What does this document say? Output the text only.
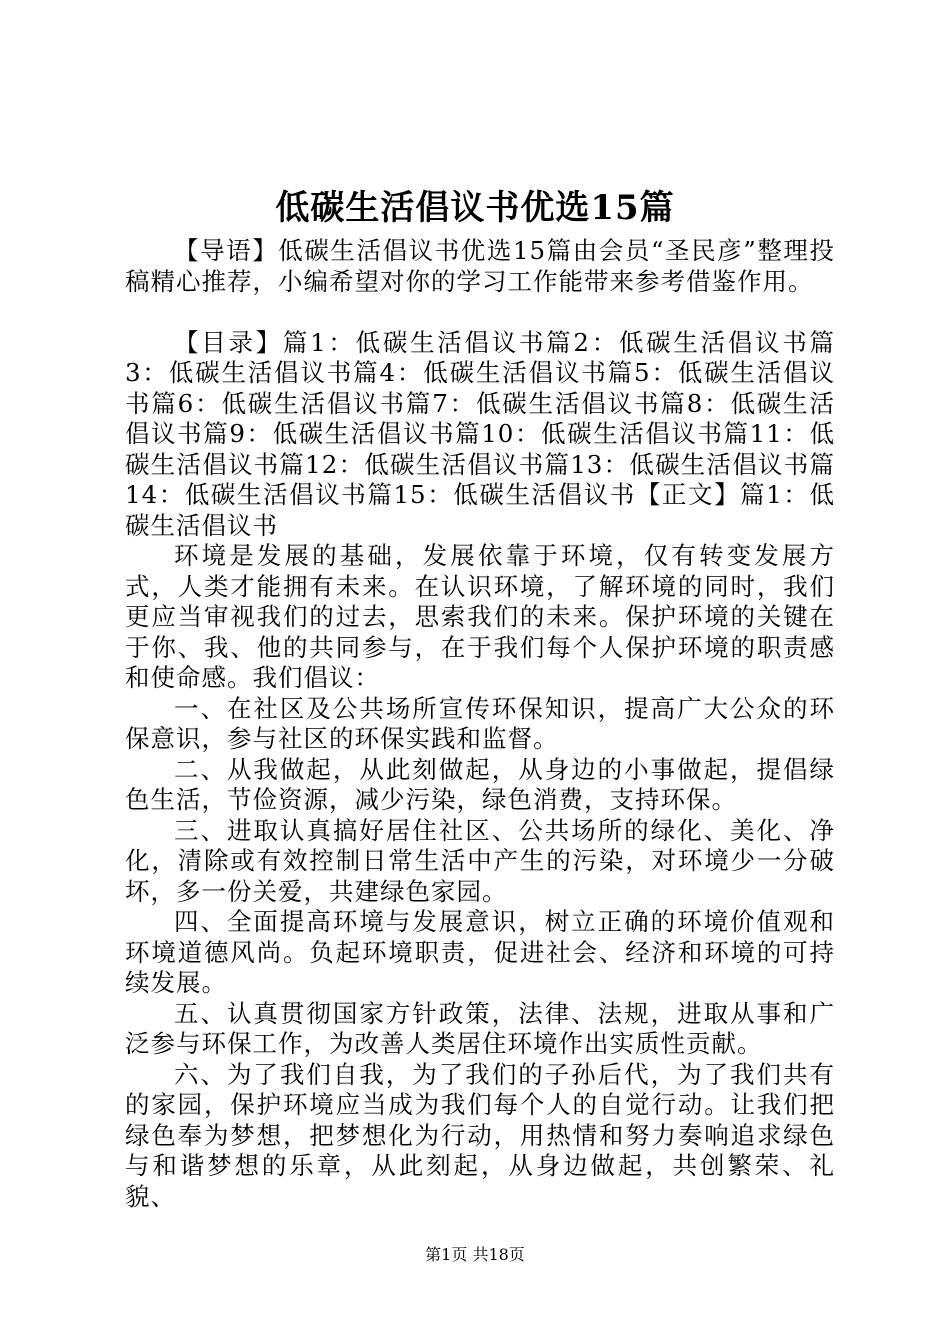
低碳生活倡议书优选15篇

【导语】低碳生活倡议书优选15篇由会员“圣民彦”整理投稿精心推荐，小编希望对你的学习工作能带来参考借鉴作用。

【目录】篇1：低碳生活倡议书篇2：低碳生活倡议书篇3：低碳生活倡议书篇4：低碳生活倡议书篇5：低碳生活倡议书篇6：低碳生活倡议书篇7：低碳生活倡议书篇8：低碳生活倡议书篇9：低碳生活倡议书篇10：低碳生活倡议书篇11：低碳生活倡议书篇12：低碳生活倡议书篇13：低碳生活倡议书篇14：低碳生活倡议书篇15：低碳生活倡议书【正文】篇1：低碳生活倡议书

环境是发展的基础，发展依靠于环境，仅有转变发展方式，人类才能拥有未来。在认识环境，了解环境的同时，我们更应当审视我们的过去，思索我们的未来。保护环境的关键在于你、我、他的共同参与，在于我们每个人保护环境的职责感和使命感。我们倡议：

一、在社区及公共场所宣传环保知识，提高广大公众的环保意识，参与社区的环保实践和监督。

二、从我做起，从此刻做起，从身边的小事做起，提倡绿色生活，节俭资源，减少污染，绿色消费，支持环保。

三、进取认真搞好居住社区、公共场所的绿化、美化、净化，清除或有效控制日常生活中产生的污染，对环境少一分破坏，多一份关爱，共建绿色家园。

四、全面提高环境与发展意识，树立正确的环境价值观和环境道德风尚。负起环境职责，促进社会、经济和环境的可持续发展。

五、认真贯彻国家方针政策，法律、法规，进取从事和广泛参与环保工作，为改善人类居住环境作出实质性贡献。

六、为了我们自我，为了我们的子孙后代，为了我们共有的家园，保护环境应当成为我们每个人的自觉行动。让我们把绿色奉为梦想，把梦想化为行动，用热情和努力奏响追求绿色与和谐梦想的乐章，从此刻起，从身边做起，共创繁荣、礼貌、

第1页 共18页
